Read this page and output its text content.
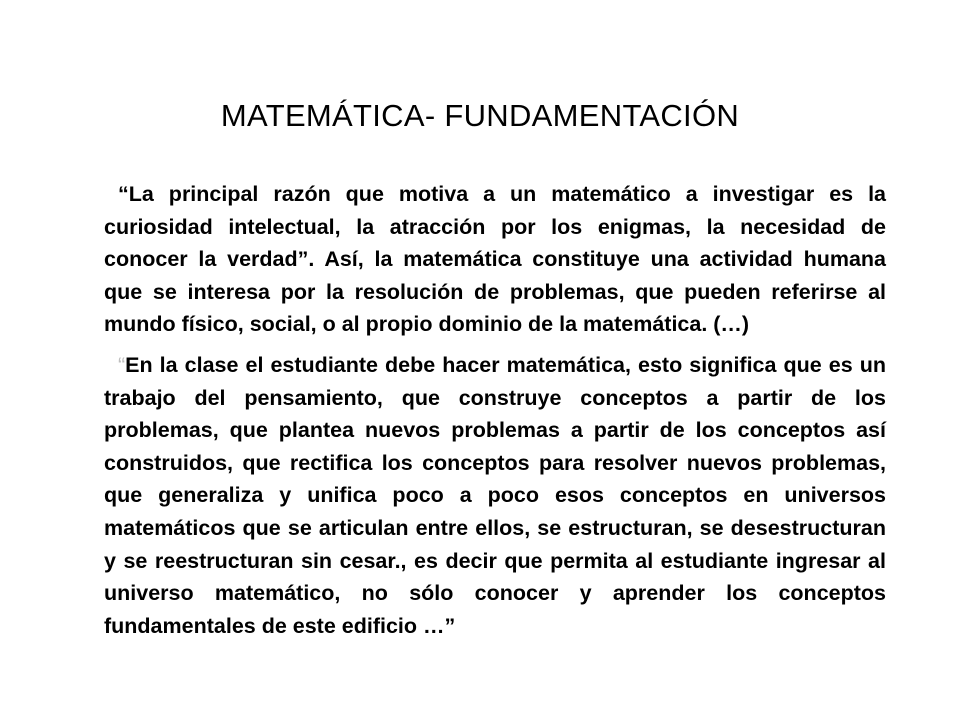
MATEMÁTICA- FUNDAMENTACIÓN

“La principal razón que motiva a un matemático a investigar es la curiosidad intelectual, la atracción por los enigmas, la necesidad de conocer la verdad”. Así, la matemática constituye una actividad humana que se interesa por la resolución de problemas, que pueden referirse al mundo físico, social, o al propio dominio de la matemática. (…)

“En la clase el estudiante debe hacer matemática, esto significa que es un trabajo del pensamiento, que construye conceptos a partir de los problemas, que plantea nuevos problemas a partir de los conceptos así construidos, que rectifica los conceptos para resolver nuevos problemas, que generaliza y unifica poco a poco esos conceptos en universos matemáticos que se articulan entre ellos, se estructuran, se desestructuran y se reestructuran sin cesar., es decir que permita al estudiante ingresar al universo matemático, no sólo conocer y aprender los conceptos fundamentales de este edificio …”
